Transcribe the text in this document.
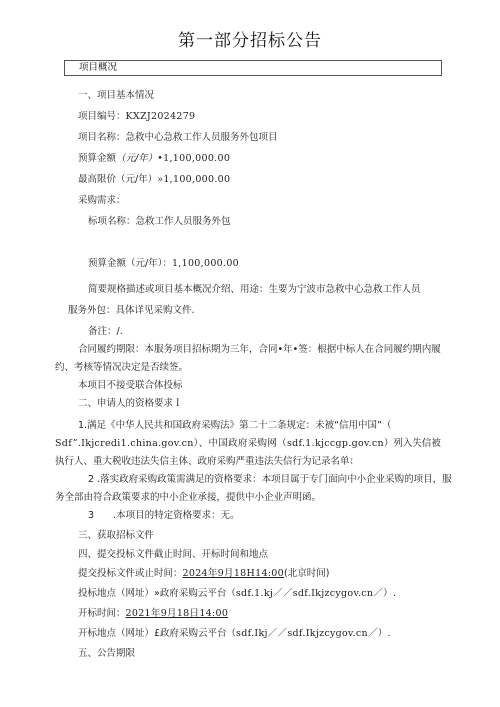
第一部分招标公告
项目概况
一、项目基本情况
项目编号：KXZJ2024279
项目名称：急救中心急救工作人员服务外包项目
预算金额（元/年）•1,100,000.00
最高限价（元/年）»1,100,000.00
采购需求：
标项名称：急救工作人员服务外包
预算金额（元/年）：1,100,000.00
简要规格描述或项目基本概况介绍、用途：生要为宁波市急救中心急救工作人员
服务外包：具体详见采购文件.
备注：/.
合同履约期限：本服务项目招标期为三年，合同•年•签：根据中标人在合同履约期内履
约、考核等情况决定是否续签。
本项目不接受联合体投标
二、申请人的资格要求Ｉ
1.满足《中华人民共和国政府采购法》第二十二条规定：未被“信用中国”（
Sdf”.Ikjcredi1.china.gov.cn）、中国政府采购网（sdf.1.kjccgp.gov.cn）列入失信被
执行人、重大税收违法失信主体、政府采购严重违法失信行为记录名单：
2 .落实政府采购政策需满足的资格要求：本项目属于专门面向中小企业采购的项目，服
务全部由符合政策要求的中小企业承接，提供中小企业声明函。
3　　.本项目的特定资格要求：无。
三、获取招标文件
四、提交投标文件截止时间、开标时间和地点
提交投标文件或止时间：2024年9月18H14:00(北京时间)
投标地点（网址）»政府采购云平台（sdf.1.kj／／sdf.Ikjzcygov.cn／）.
开标时间：2021年9月18日14:00
开标地点（网址）£政府采购云平台（sdf.Ikj／／sdf.Ikjzcygov.cn／）.
五、公告期限
